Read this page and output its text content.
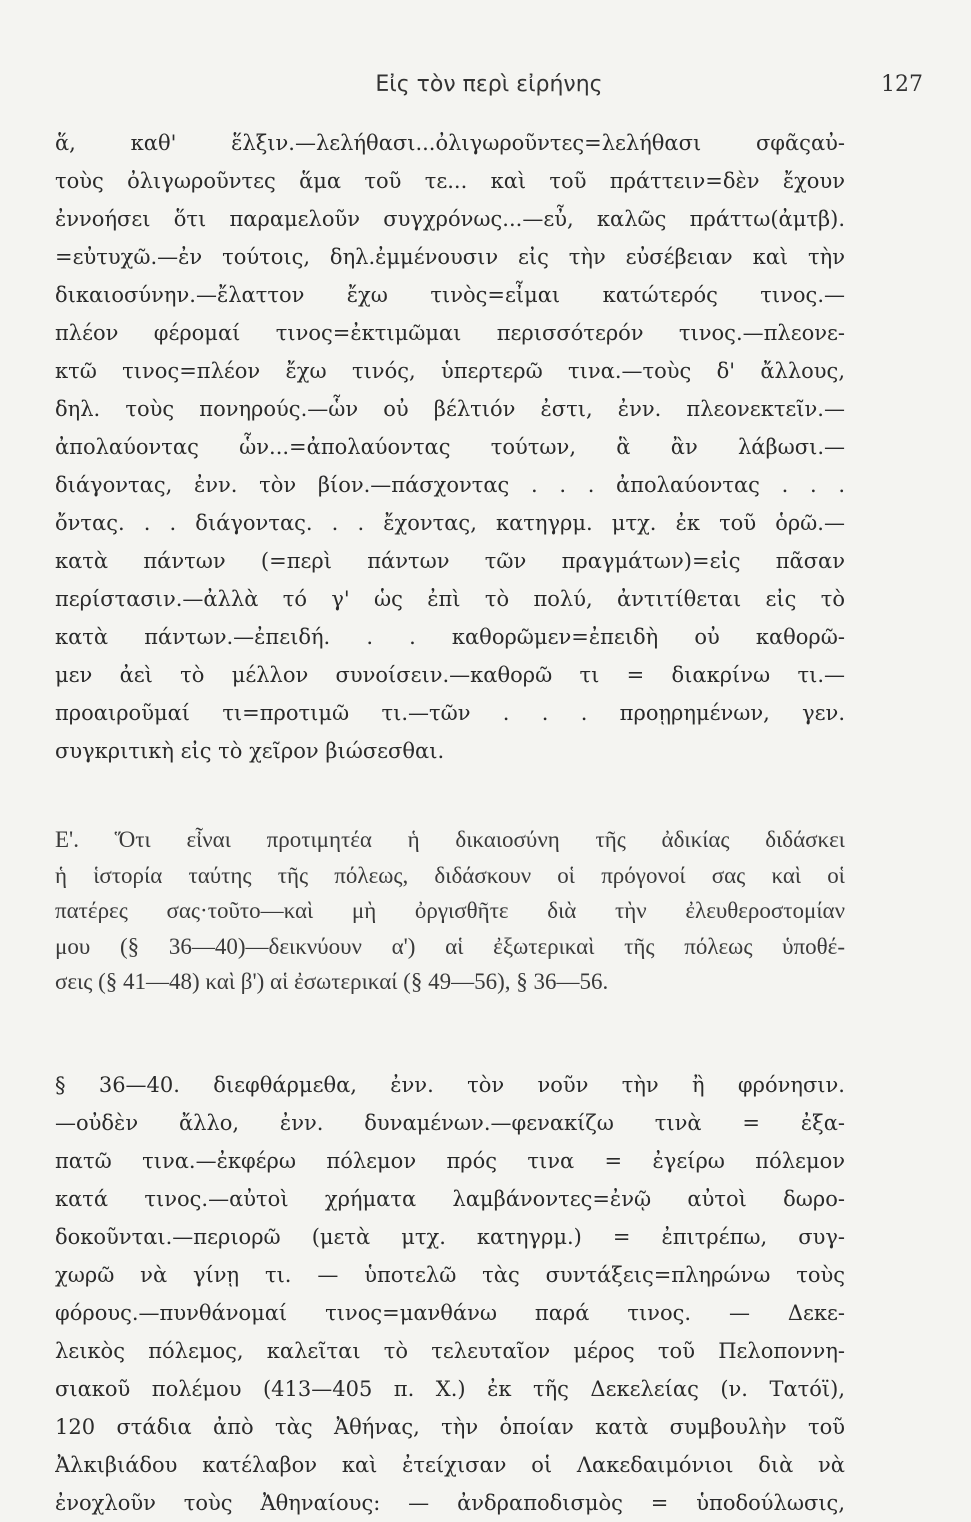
Εἰς τὸν περὶ εἰρήνης	127
ἅ, καθ' ἕλξιν.—λελήθασι...ὀλιγωροῦντες=λελήθασι σφᾶςαὐ-
τοὺς ὀλιγωροῦντες ἅμα τοῦ τε... καὶ τοῦ πράττειν=δὲν ἔχουν
ἐννοήσει ὅτι παραμελοῦν συγχρόνως...—εὖ, καλῶς πράττω(ἀμτβ).
=εὐτυχῶ.—ἐν τούτοις, δηλ.ἐμμένουσιν εἰς τὴν εὐσέβειαν καὶ τὴν
δικαιοσύνην.—ἔλαττον ἔχω τινὸς=εἶμαι κατώτερός τινος.—
πλέον φέρομαί τινος=ἐκτιμῶμαι περισσότερόν τινος.—πλεονε-
κτῶ τινος=πλέον ἔχω τινός, ὑπερτερῶ τινα.—τοὺς δ' ἄλλους,
δηλ. τοὺς πονηρούς.—ὧν οὐ βέλτιόν ἐστι, ἐνν. πλεονεκτεῖν.—
ἀπολαύοντας ὧν...=ἀπολαύοντας τούτων, ἃ ἂν λάβωσι.—
διάγοντας, ἐνν. τὸν βίον.—πάσχοντας . . . ἀπολαύοντας . . .
ὄντας. . . διάγοντας. . . ἔχοντας, κατηγρμ. μτχ. ἐκ τοῦ ὁρῶ.—
κατὰ πάντων (=περὶ πάντων τῶν πραγμάτων)=εἰς πᾶσαν
περίστασιν.—ἀλλὰ τό γ' ὡς ἐπὶ τὸ πολύ, ἀντιτίθεται εἰς τὸ
κατὰ πάντων.—ἐπειδή. . . καθορῶμεν=ἐπειδὴ οὐ καθορῶ-
μεν ἀεὶ τὸ μέλλον συνοίσειν.—καθορῶ τι = διακρίνω τι.—
προαιροῦμαί τι=προτιμῶ τι.—τῶν . . . προῃρημένων, γεν.
συγκριτικὴ εἰς τὸ χεῖρον βιώσεσθαι.
Ε'. Ὅτι εἶναι προτιμητέα ἡ δικαιοσύνη τῆς ἀδικίας διδάσκει
ἡ ἱστορία ταύτης τῆς πόλεως, διδάσκουν οἱ πρόγονοί σας καὶ οἱ
πατέρες σας·τοῦτο—καὶ μὴ ὀργισθῆτε διὰ τὴν ἐλευθεροστομίαν
μου (§ 36—40)—δεικνύουν α') αἱ ἐξωτερικαὶ τῆς πόλεως ὑποθέ-
σεις (§ 41—48) καὶ β') αἱ ἐσωτερικαί (§ 49—56), § 36—56.
§ 36—40. διεφθάρμεθα, ἐνν. τὸν νοῦν τὴν ἢ φρόνησιν.
—οὐδὲν ἄλλο, ἐνν. δυναμένων.—φενακίζω τινὰ = ἐξα-
πατῶ τινα.—ἐκφέρω πόλεμον πρός τινα = ἐγείρω πόλεμον
κατά τινος.—αὐτοὶ χρήματα λαμβάνοντες=ἐνῷ αὐτοὶ δωρο-
δοκοῦνται.—περιορῶ (μετὰ μτχ. κατηγρμ.) = ἐπιτρέπω, συγ-
χωρῶ νὰ γίνῃ τι. — ὑποτελῶ τὰς συντάξεις=πληρώνω τοὺς
φόρους.—πυνθάνομαί τινος=μανθάνω παρά τινος. — Δεκε-
λεικὸς πόλεμος, καλεῖται τὸ τελευταῖον μέρος τοῦ Πελοποννη-
σιακοῦ πολέμου (413—405 π. Χ.) ἐκ τῆς Δεκελείας (ν. Τατόϊ),
120 στάδια ἀπὸ τὰς Ἀθήνας, τὴν ὁποίαν κατὰ συμβουλὴν τοῦ
Ἀλκιβιάδου κατέλαβον καὶ ἐτείχισαν οἱ Λακεδαιμόνιοι διὰ νὰ
ἐνοχλοῦν τοὺς Ἀθηναίους: — ἀνδραποδισμὸς = ὑποδούλωσις,
